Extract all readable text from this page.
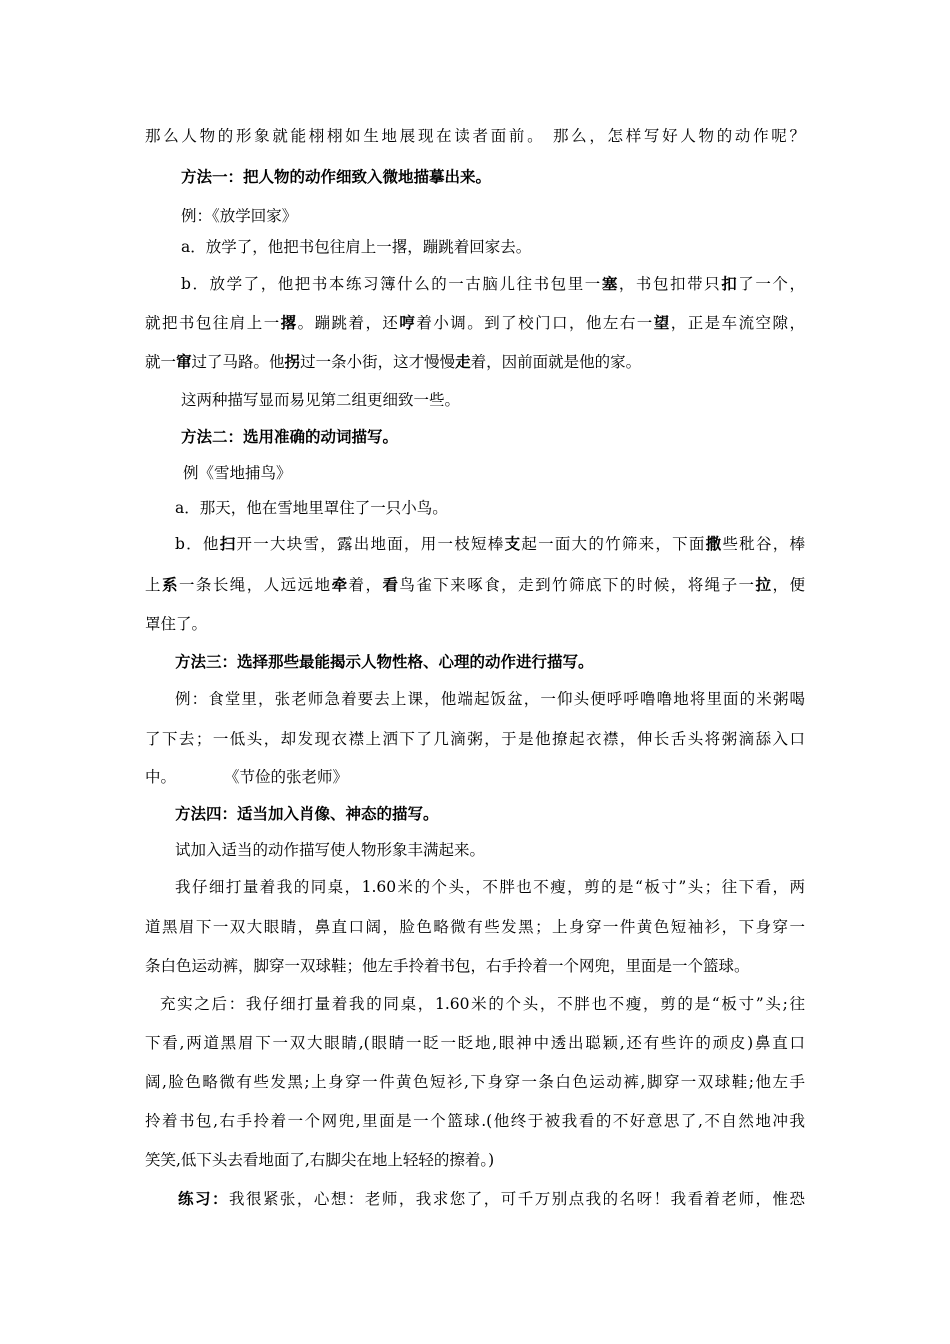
那么人物的形象就能栩栩如生地展现在读者面前。 那么，怎样写好人物的动作呢？
方法一：把人物的动作细致入微地描摹出来。
例：《放学回家》
a．放学了，他把书包往肩上一撂，蹦跳着回家去。
b．放学了，他把书本练习簿什么的一古脑儿往书包里一塞，书包扣带只扣了一个，
就把书包往肩上一撂。蹦跳着，还哼着小调。到了校门口，他左右一望，正是车流空隙，
就一窜过了马路。他拐过一条小街，这才慢慢走着，因前面就是他的家。
这两种描写显而易见第二组更细致一些。
方法二：选用准确的动词描写。
例《雪地捕鸟》
a．那天，他在雪地里罩住了一只小鸟。
b．他扫开一大块雪，露出地面，用一枝短棒支起一面大的竹筛来，下面撒些秕谷，棒
上系一条长绳，人远远地牵着，看鸟雀下来啄食，走到竹筛底下的时候，将绳子一拉，便
罩住了。
方法三：选择那些最能揭示人物性格、心理的动作进行描写。
例：食堂里，张老师急着要去上课，他端起饭盆，一仰头便呼呼噜噜地将里面的米粥喝
了下去；一低头，却发现衣襟上洒下了几滴粥，于是他撩起衣襟，伸长舌头将粥滴舔入口
中。	《节俭的张老师》
方法四：适当加入肖像、神态的描写。
试加入适当的动作描写使人物形象丰满起来。
我仔细打量着我的同桌，1.60米的个头，不胖也不瘦，剪的是“板寸”头；往下看，两
道黑眉下一双大眼睛，鼻直口阔，脸色略微有些发黑；上身穿一件黄色短袖衫，下身穿一
条白色运动裤，脚穿一双球鞋；他左手拎着书包，右手拎着一个网兜，里面是一个篮球。
充实之后：我仔细打量着我的同桌，1.60米的个头，不胖也不瘦，剪的是“板寸”头;往
下看,两道黑眉下一双大眼睛,(眼睛一眨一眨地,眼神中透出聪颖,还有些许的顽皮)鼻直口
阔,脸色略微有些发黑;上身穿一件黄色短衫,下身穿一条白色运动裤,脚穿一双球鞋;他左手
拎着书包,右手拎着一个网兜,里面是一个篮球.(他终于被我看的不好意思了,不自然地冲我
笑笑,低下头去看地面了,右脚尖在地上轻轻的擦着。)
练习：我很紧张，心想：老师，我求您了，可千万别点我的名呀！我看着老师，惟恐
